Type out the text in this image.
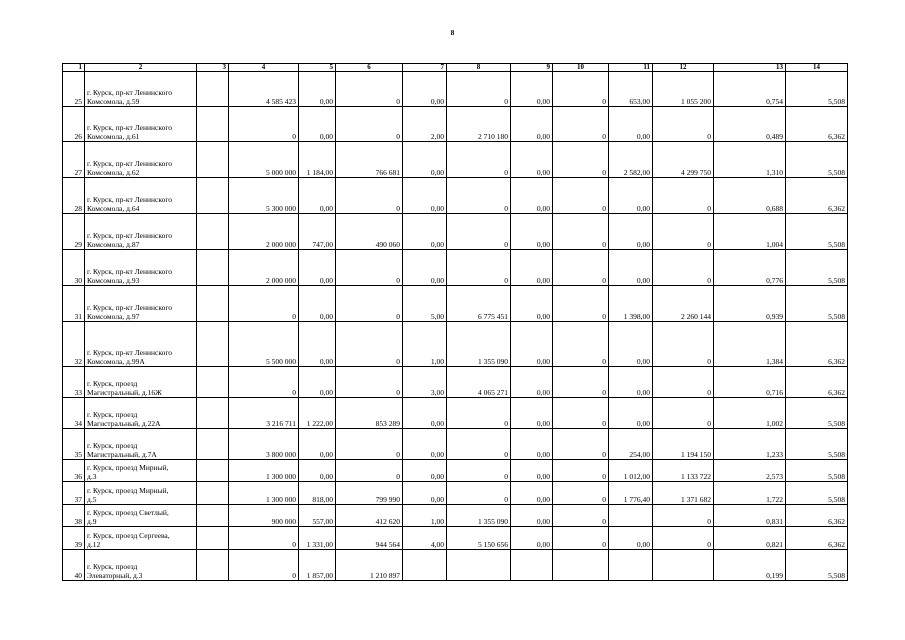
8
1	2	3	4	5	6	7	8	9	10	11	12	13	14
25	г. Курск, пр-кт Ленинского
Комсомола, д.59		4 585 423	0,00	0	0,00	0	0,00	0	653,00	1 055 200	0,754	5,508
26	г. Курск, пр-кт Ленинского
Комсомола, д.61		0	0,00	0	2,00	2 710 180	0,00	0	0,00	0	0,489	6,362
27	г. Курск, пр-кт Ленинского
Комсомола, д.62		5 000 000	1 184,00	766 681	0,00	0	0,00	0	2 582,00	4 299 750	1,310	5,508
28	г. Курск, пр-кт Ленинского
Комсомола, д.64		5 300 000	0,00	0	0,00	0	0,00	0	0,00	0	0,688	6,362
29	г. Курск, пр-кт Ленинского
Комсомола, д.87		2 000 000	747,00	490 060	0,00	0	0,00	0	0,00	0	1,004	5,508
30	г. Курск, пр-кт Ленинского
Комсомола, д.93		2 000 000	0,00	0	0,00	0	0,00	0	0,00	0	0,776	5,508
31	г. Курск, пр-кт Ленинского
Комсомола, д.97		0	0,00	0	5,00	6 775 451	0,00	0	1 398,00	2 260 144	0,939	5,508
32	г. Курск, пр-кт Ленинского
Комсомола, д.99А		5 500 000	0,00	0	1,00	1 355 090	0,00	0	0,00	0	1,384	6,362
33	г. Курск, проезд
Магистральный, д.16Ж		0	0,00	0	3,00	4 065 271	0,00	0	0,00	0	0,716	6,362
34	г. Курск, проезд
Магистральный, д.22А		3 216 711	1 222,00	853 289	0,00	0	0,00	0	0,00	0	1,002	5,508
35	г. Курск, проезд
Магистральный, д.7А		3 800 000	0,00	0	0,00	0	0,00	0	254,00	1 194 150	1,233	5,508
36	г. Курск, проезд Мирный,
д.3		1 300 000	0,00	0	0,00	0	0,00	0	1 012,00	1 133 722	2,573	5,508
37	г. Курск, проезд Мирный,
д.5		1 300 000	818,00	799 990	0,00	0	0,00	0	1 776,40	1 371 682	1,722	5,508
38	г. Курск, проезд Светлый,
д.9		900 000	557,00	412 620	1,00	1 355 090	0,00	0		0	0,831	6,362
39	г. Курск, проезд Сергеева,
д.12		0	1 331,00	944 564	4,00	5 150 656	0,00	0	0,00	0	0,821	6,362
40	г. Курск, проезд
Элеваторный, д.3		0	1 857,00	1 210 897							0,199	5,508
